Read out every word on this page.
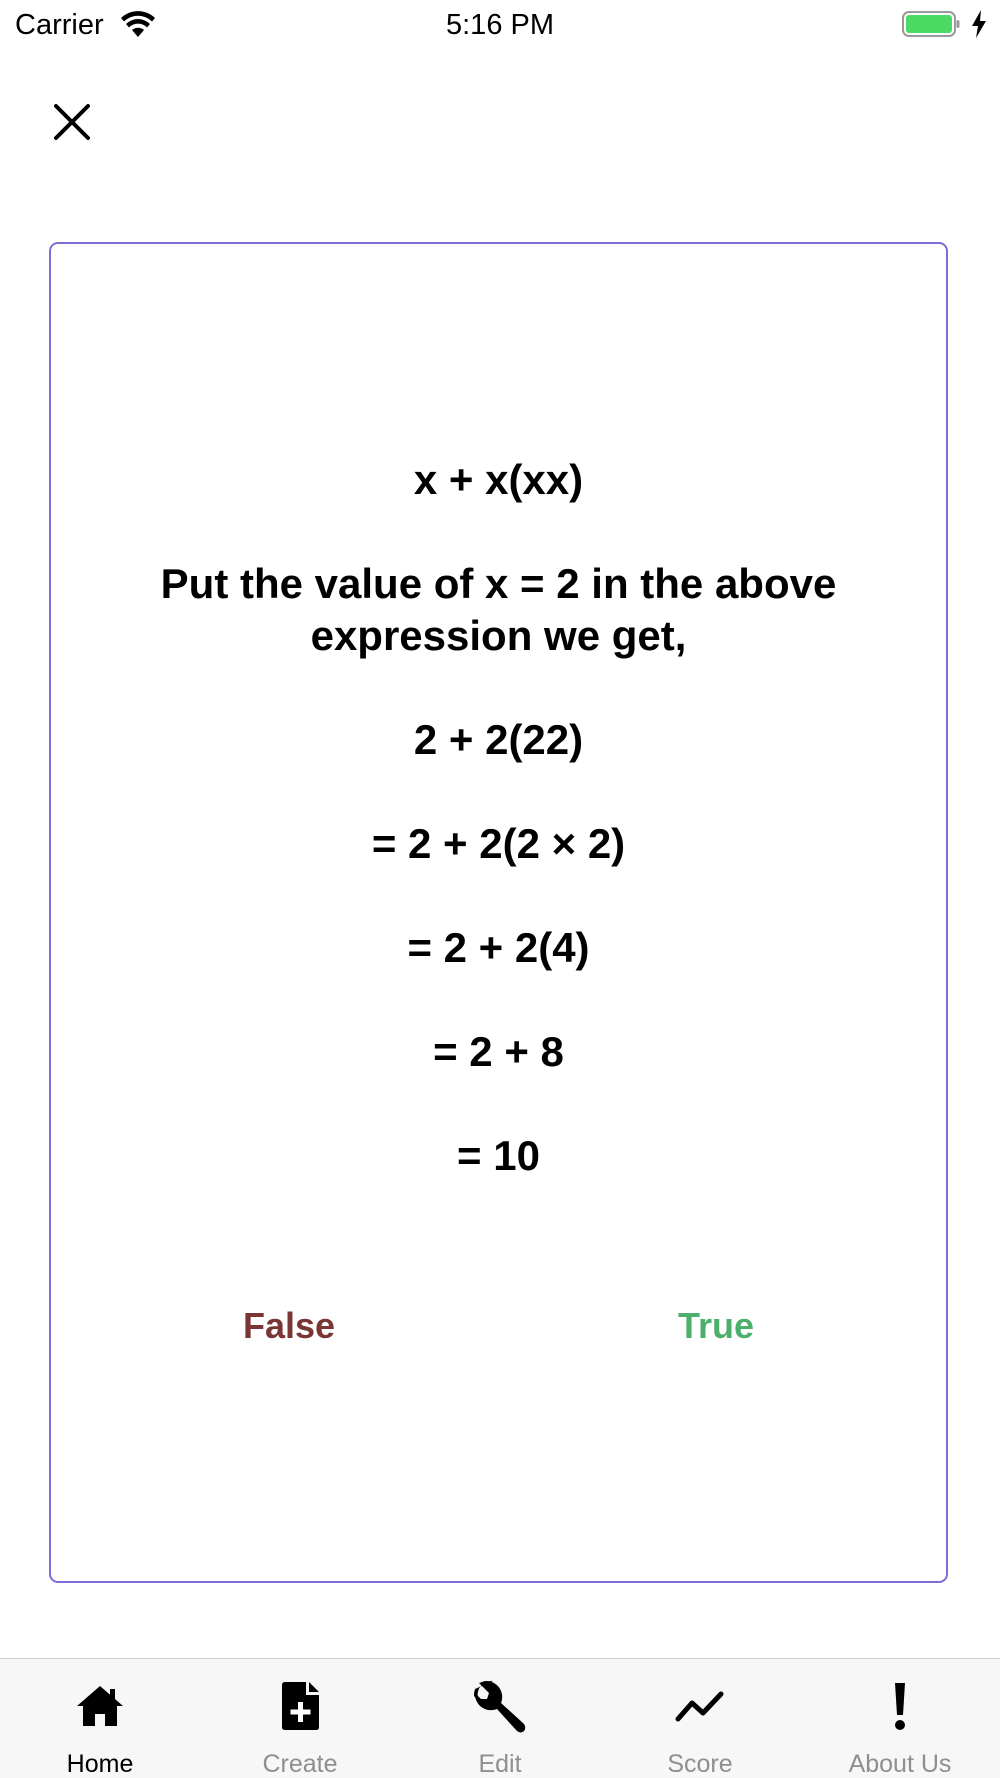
Carrier	5:16 PM

x + x(xx)

Put the value of x = 2 in the above expression we get,

2 + 2(22)

= 2 + 2(2 × 2)

= 2 + 2(4)

= 2 + 8

= 10

False	True
Home	Create	Edit	Score	About Us
